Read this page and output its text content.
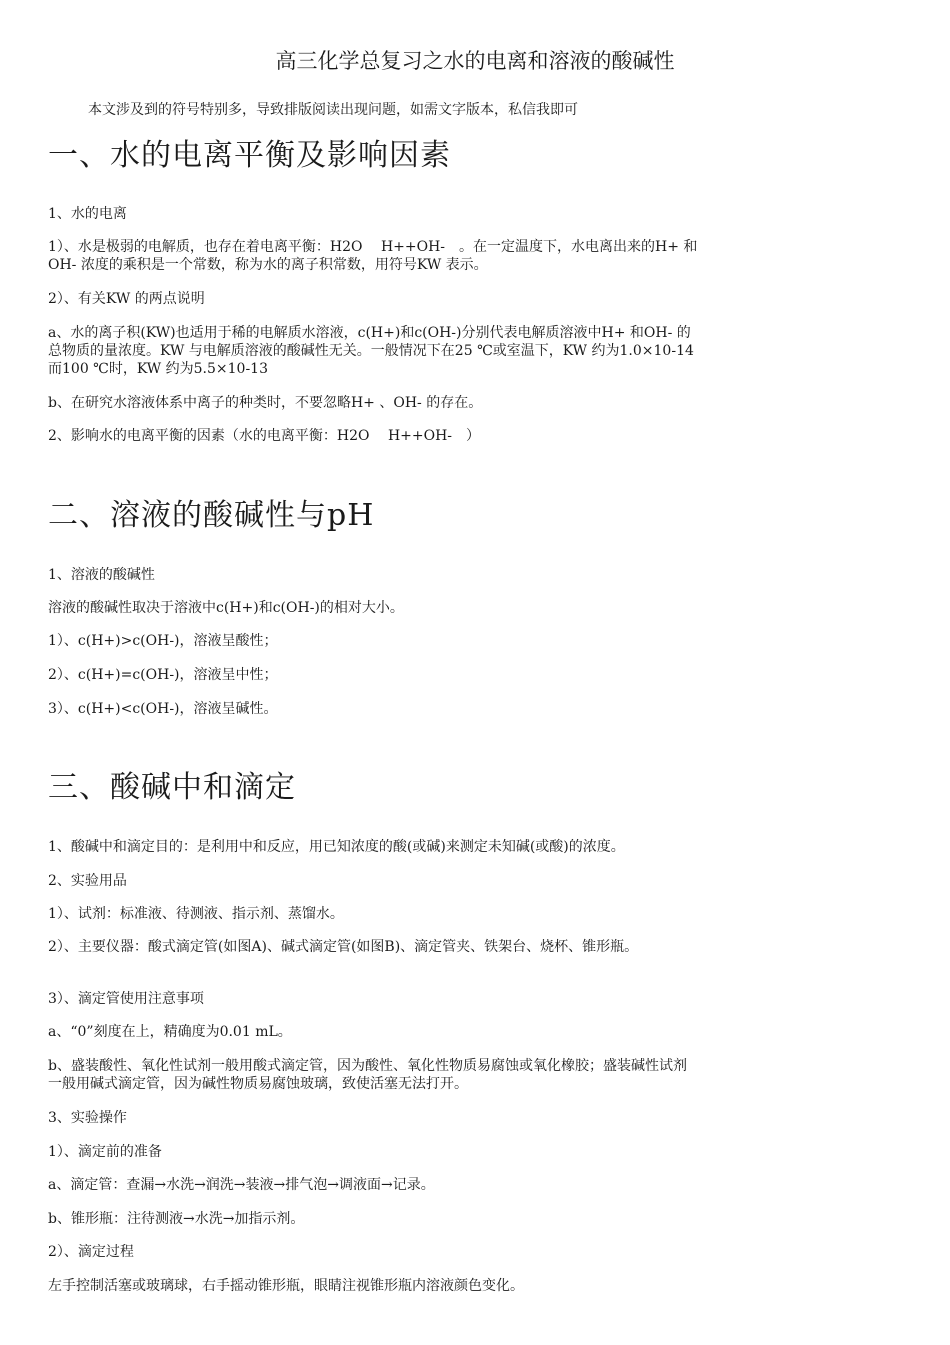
高三化学总复习之水的电离和溶液的酸碱性
本文涉及到的符号特别多，导致排版阅读出现问题，如需文字版本，私信我即可
一、水的电离平衡及影响因素
1、水的电离
1）、水是极弱的电解质，也存在着电离平衡：H2O　 H++OH-　。在一定温度下，水电离出来的H+ 和OH- 浓度的乘积是一个常数，称为水的离子积常数，用符号KW 表示。
2）、有关KW 的两点说明
a、水的离子积(KW)也适用于稀的电解质水溶液，c(H+)和c(OH-)分别代表电解质溶液中H+ 和OH- 的总物质的量浓度。KW 与电解质溶液的酸碱性无关。一般情况下在25 ℃或室温下，KW 约为1.0×10-14 而100 ℃时，KW 约为5.5×10-13
b、在研究水溶液体系中离子的种类时，不要忽略H+ 、OH- 的存在。
2、影响水的电离平衡的因素（水的电离平衡：H2O　 H++OH-　）
二、溶液的酸碱性与pH
1、溶液的酸碱性
溶液的酸碱性取决于溶液中c(H+)和c(OH-)的相对大小。
1）、c(H+)>c(OH-)，溶液呈酸性；
2）、c(H+)=c(OH-)，溶液呈中性；
3）、c(H+)<c(OH-)，溶液呈碱性。
三、酸碱中和滴定
1、酸碱中和滴定目的：是利用中和反应，用已知浓度的酸(或碱)来测定未知碱(或酸)的浓度。
2、实验用品
1）、试剂：标准液、待测液、指示剂、蒸馏水。
2）、主要仪器：酸式滴定管(如图A)、碱式滴定管(如图B)、滴定管夹、铁架台、烧杯、锥形瓶。
3）、滴定管使用注意事项
a、“0”刻度在上，精确度为0.01 mL。
b、盛装酸性、氧化性试剂一般用酸式滴定管，因为酸性、氧化性物质易腐蚀或氧化橡胶；盛装碱性试剂一般用碱式滴定管，因为碱性物质易腐蚀玻璃，致使活塞无法打开。
3、实验操作
1）、滴定前的准备
a、滴定管：查漏→水洗→润洗→装液→排气泡→调液面→记录。
b、锥形瓶：注待测液→水洗→加指示剂。
2）、滴定过程
左手控制活塞或玻璃球，右手摇动锥形瓶，眼睛注视锥形瓶内溶液颜色变化。
